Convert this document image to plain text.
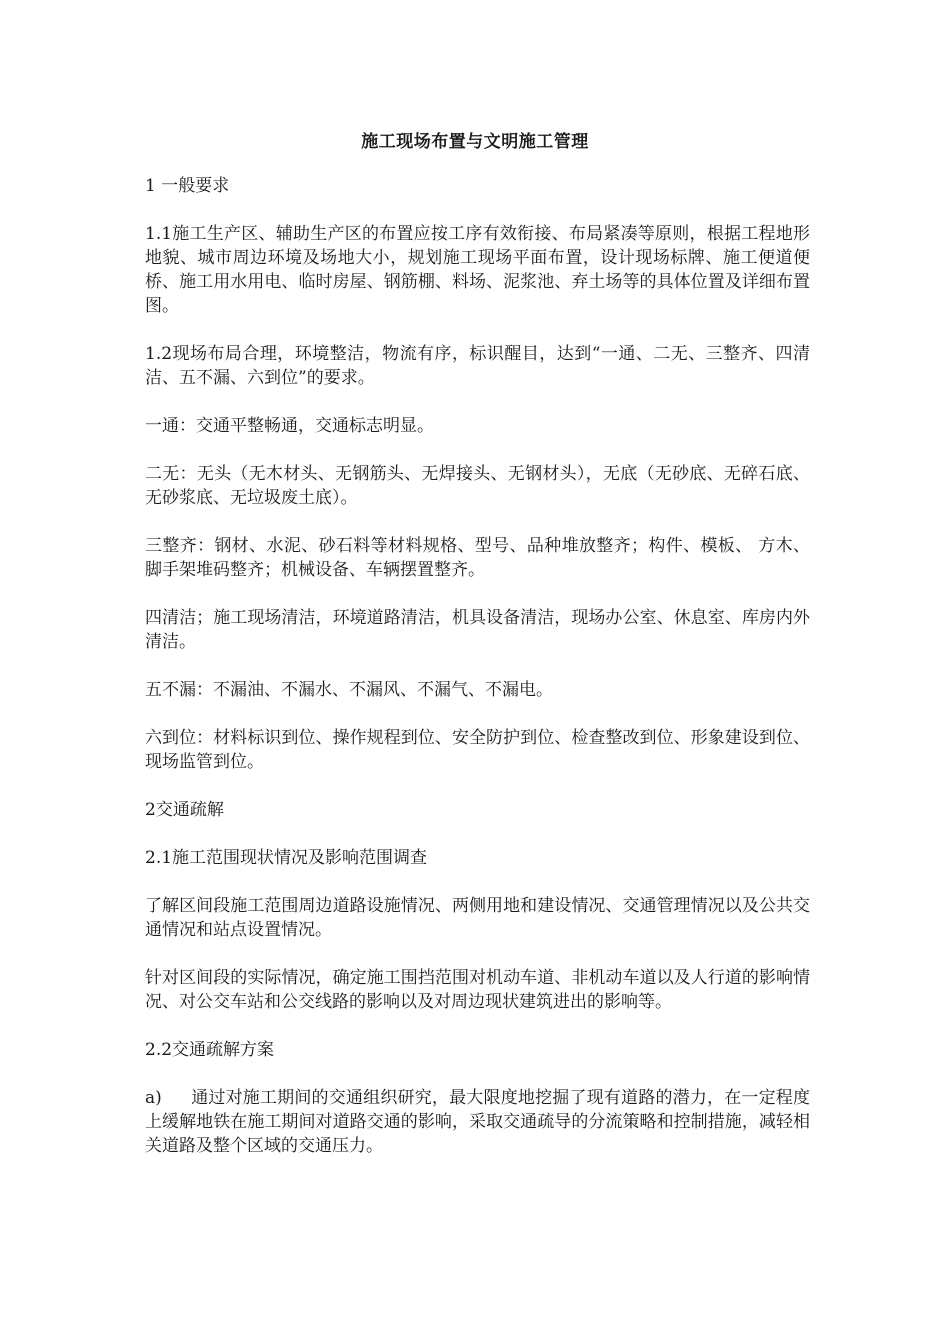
施工现场布置与文明施工管理

1 一般要求

1.1施工生产区、辅助生产区的布置应按工序有效衔接、布局紧凑等原则，根据工程地形地貌、城市周边环境及场地大小，规划施工现场平面布置，设计现场标牌、施工便道便桥、施工用水用电、临时房屋、钢筋棚、料场、泥浆池、弃土场等的具体位置及详细布置图。

1.2现场布局合理，环境整洁，物流有序，标识醒目，达到“一通、二无、三整齐、四清洁、五不漏、六到位”的要求。

一通：交通平整畅通，交通标志明显。

二无：无头（无木材头、无钢筋头、无焊接头、无钢材头），无底（无砂底、无碎石底、无砂浆底、无垃圾废土底）。

三整齐：钢材、水泥、砂石料等材料规格、型号、品种堆放整齐；构件、模板、 方木、脚手架堆码整齐；机械设备、车辆摆置整齐。

四清洁；施工现场清洁，环境道路清洁，机具设备清洁，现场办公室、休息室、库房内外清洁。

五不漏：不漏油、不漏水、不漏风、不漏气、不漏电。

六到位：材料标识到位、操作规程到位、安全防护到位、检查整改到位、形象建设到位、现场监管到位。

2交通疏解

2.1施工范围现状情况及影响范围调查

了解区间段施工范围周边道路设施情况、两侧用地和建设情况、交通管理情况以及公共交通情况和站点设置情况。

针对区间段的实际情况，确定施工围挡范围对机动车道、非机动车道以及人行道的影响情况、对公交车站和公交线路的影响以及对周边现状建筑进出的影响等。

2.2交通疏解方案

a) 通过对施工期间的交通组织研究，最大限度地挖掘了现有道路的潜力，在一定程度上缓解地铁在施工期间对道路交通的影响，采取交通疏导的分流策略和控制措施，减轻相关道路及整个区域的交通压力。
